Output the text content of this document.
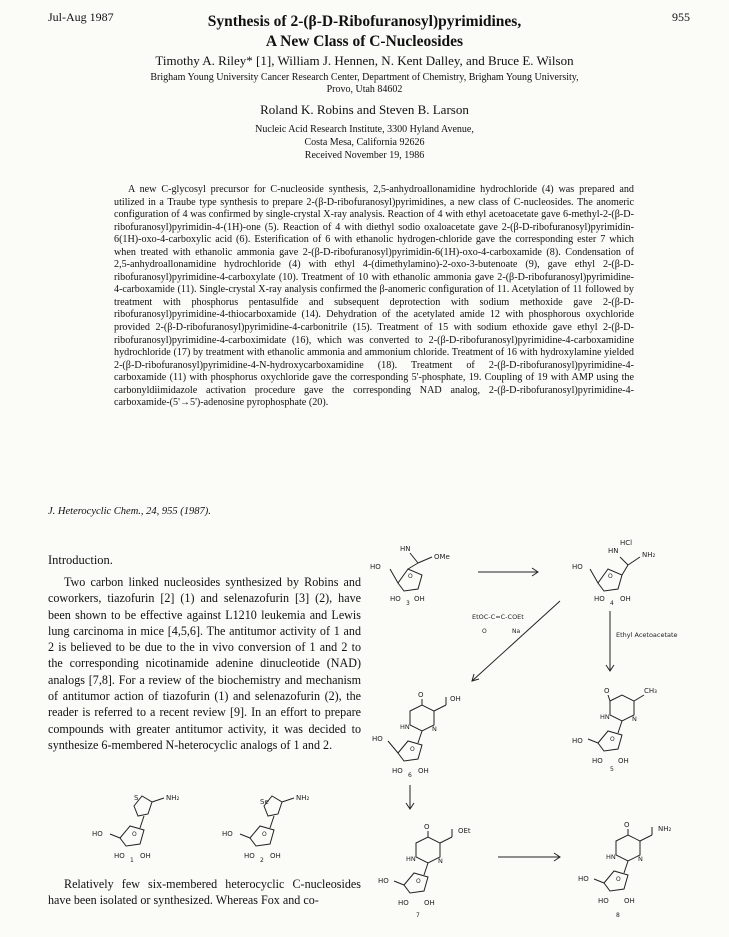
Jul-Aug 1987	955
Synthesis of 2-(β-D-Ribofuranosyl)pyrimidines,
A New Class of C-Nucleosides
Timothy A. Riley* [1], William J. Hennen, N. Kent Dalley, and Bruce E. Wilson
Brigham Young University Cancer Research Center, Department of Chemistry, Brigham Young University,
Provo, Utah 84602
Roland K. Robins and Steven B. Larson
Nucleic Acid Research Institute, 3300 Hyland Avenue,
Costa Mesa, California 92626
Received November 19, 1986
A new C-glycosyl precursor for C-nucleoside synthesis, 2,5-anhydroallonamidine hydrochloride (4) was prepared and utilized in a Traube type synthesis to prepare 2-(β-D-ribofuranosyl)pyrimidines, a new class of C-nucleosides. The anomeric configuration of 4 was confirmed by single-crystal X-ray analysis. Reaction of 4 with ethyl acetoacetate gave 6-methyl-2-(β-D-ribofuranosyl)pyrimidin-4-(1H)-one (5). Reaction of 4 with diethyl sodio oxaloacetate gave 2-(β-D-ribofuranosyl)pyrimidin-6(1H)-oxo-4-carboxylic acid (6). Esterification of 6 with ethanolic hydrogen-chloride gave the corresponding ester 7 which when treated with ethanolic ammonia gave 2-(β-D-ribofuranosyl)pyrimidin-6(1H)-oxo-4-carboxamide (8). Condensation of 2,5-anhydroallonamidine hydrochloride (4) with ethyl 4-(dimethylamino)-2-oxo-3-butenoate (9), gave ethyl 2-(β-D-ribofuranosyl)pyrimidine-4-carboxylate (10). Treatment of 10 with ethanolic ammonia gave 2-(β-D-ribofuranosyl)pyrimidine-4-carboxamide (11). Single-crystal X-ray analysis confirmed the β-anomeric configuration of 11. Acetylation of 11 followed by treatment with phosphorus pentasulfide and subsequent deprotection with sodium methoxide gave 2-(β-D-ribofuranosyl)pyrimidine-4-thiocarboxamide (14). Dehydration of the acetylated amide 12 with phosphorous oxychloride provided 2-(β-D-ribofuranosyl)pyrimidine-4-carbonitrile (15). Treatment of 15 with sodium ethoxide gave ethyl 2-(β-D-ribofuranosyl)pyrimidine-4-carboximidate (16), which was converted to 2-(β-D-ribofuranosyl)pyrimidine-4-carboxamidine hydrochloride (17) by treatment with ethanolic ammonia and ammonium chloride. Treatment of 16 with hydroxylamine yielded 2-(β-D-ribofuranosyl)pyrimidine-4-N-hydroxycarboxamidine (18). Treatment of 2-(β-D-ribofuranosyl)pyrimidine-4-carboxamide (11) with phosphorus oxychloride gave the corresponding 5'-phosphate, 19. Coupling of 19 with AMP using the carbonyldiimidazole activation procedure gave the corresponding NAD analog, 2-(β-D-ribofuranosyl)pyrimidine-4-carboxamide-(5'→5')-adenosine pyrophosphate (20).
J. Heterocyclic Chem., 24, 955 (1987).
Introduction.
Two carbon linked nucleosides synthesized by Robins and coworkers, tiazofurin [2] (1) and selenazofurin [3] (2), have been shown to be effective against L1210 leukemia and Lewis lung carcinoma in mice [4,5,6]. The antitumor activity of 1 and 2 is believed to be due to the in vivo conversion of 1 and 2 to the corresponding nicotinamide adenine dinucleotide (NAD) analogs [7,8]. For a review of the biochemistry and mechanism of antitumor action of tiazofurin (1) and selenazofurin (2), the reader is referred to a recent review [9]. In an effort to prepare compounds with greater antitumor activity, it was decided to synthesize 6-membered N-heterocyclic analogs of 1 and 2.
Relatively few six-membered heterocyclic C-nucleosides have been isolated or synthesized. Whereas Fox and co-
HN
OMe
O
HO
HO OH
3
HCl
HN	NH₂
O
HO
HO OH
4
EtOC-C=C-COEt
O	Na	Ethyl Acetoacetate
O	OH
HN	N
O
HO
HO OH
6
O	CH₃
HN	N
O
HO
HO OH
5
O	OEt
HN	N
O
HO
HO OH
7
O	NH₂
HN	N
O
HO
HO OH
8
S	NH₂
O
HO
HO OH
1
Se	NH₂
O
HO
HO OH
2
